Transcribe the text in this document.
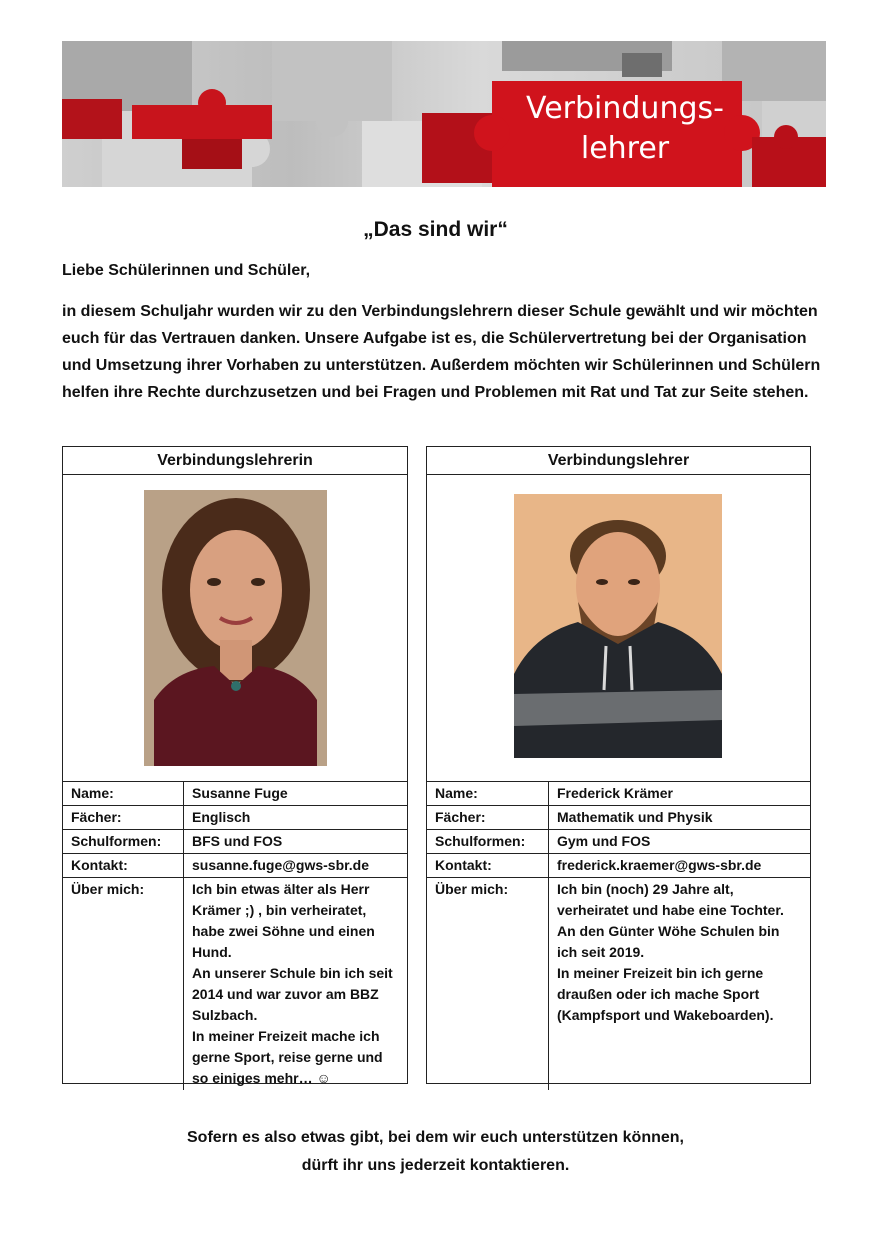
Verbindungs-
lehrer
„Das sind wir“
Liebe Schülerinnen und Schüler,

in diesem Schuljahr wurden wir zu den Verbindungslehrern dieser Schule gewählt und wir möchten euch für das Vertrauen danken. Unsere Aufgabe ist es, die Schülervertretung bei der Organisation und Umsetzung ihrer Vorhaben zu unterstützen. Außerdem möchten wir Schülerinnen und Schülern helfen ihre Rechte durchzusetzen und bei Fragen und Problemen mit Rat und Tat zur Seite stehen.

Verbindungslehrerin
Name:	Susanne Fuge
Fächer:	Englisch
Schulformen:	BFS und FOS
Kontakt:	susanne.fuge@gws-sbr.de
Über mich:	Ich bin etwas älter als Herr Krämer ;) , bin verheiratet, habe zwei Söhne und einen Hund.
An unserer Schule bin ich seit 2014 und war zuvor am BBZ Sulzbach.
In meiner Freizeit mache ich gerne Sport, reise gerne und so einiges mehr… ☺
Verbindungslehrer
Name:	Frederick Krämer
Fächer:	Mathematik und Physik
Schulformen:	Gym und FOS
Kontakt:	frederick.kraemer@gws-sbr.de
Über mich:	Ich bin (noch) 29 Jahre alt, verheiratet und habe eine Tochter.
An den Günter Wöhe Schulen bin ich seit 2019.
In meiner Freizeit bin ich gerne draußen oder ich mache Sport (Kampfsport und Wakeboarden).
Sofern es also etwas gibt, bei dem wir euch unterstützen können,
dürft ihr uns jederzeit kontaktieren.
